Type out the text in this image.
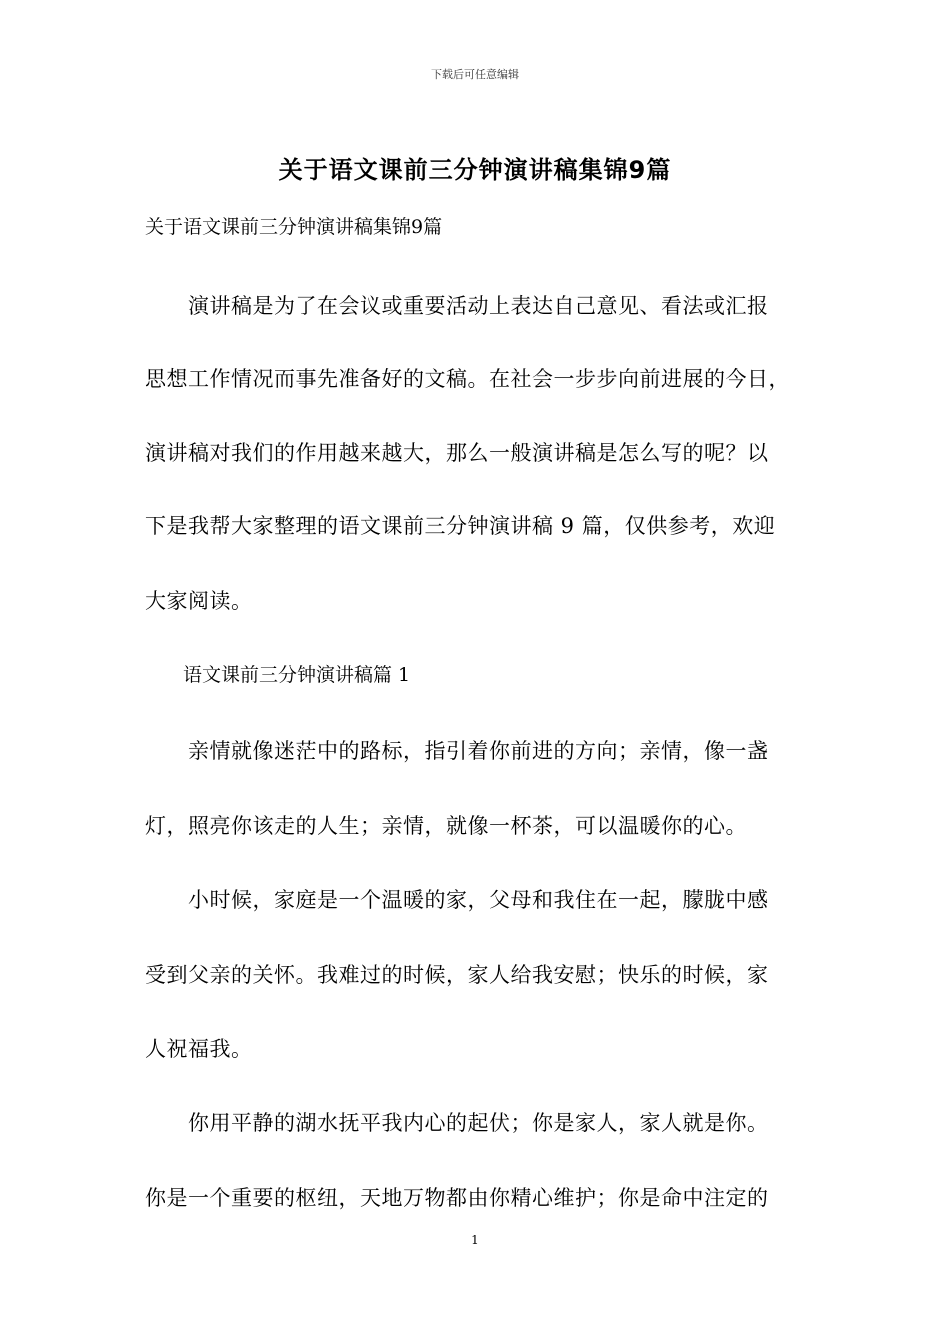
下载后可任意编辑
关于语文课前三分钟演讲稿集锦9篇
关于语文课前三分钟演讲稿集锦9篇
　　演讲稿是为了在会议或重要活动上表达自己意见、看法或汇报
思想工作情况而事先准备好的文稿。在社会一步步向前进展的今日，
演讲稿对我们的作用越来越大，那么一般演讲稿是怎么写的呢？以
下是我帮大家整理的语文课前三分钟演讲稿 9 篇，仅供参考，欢迎
大家阅读。
　　语文课前三分钟演讲稿篇 1
　　亲情就像迷茫中的路标，指引着你前进的方向；亲情，像一盏
灯，照亮你该走的人生；亲情，就像一杯茶，可以温暖你的心。
　　小时候，家庭是一个温暖的家，父母和我住在一起，朦胧中感
受到父亲的关怀。我难过的时候，家人给我安慰；快乐的时候，家
人祝福我。
　　你用平静的湖水抚平我内心的起伏；你是家人，家人就是你。
你是一个重要的枢纽，天地万物都由你精心维护；你是命中注定的
1
